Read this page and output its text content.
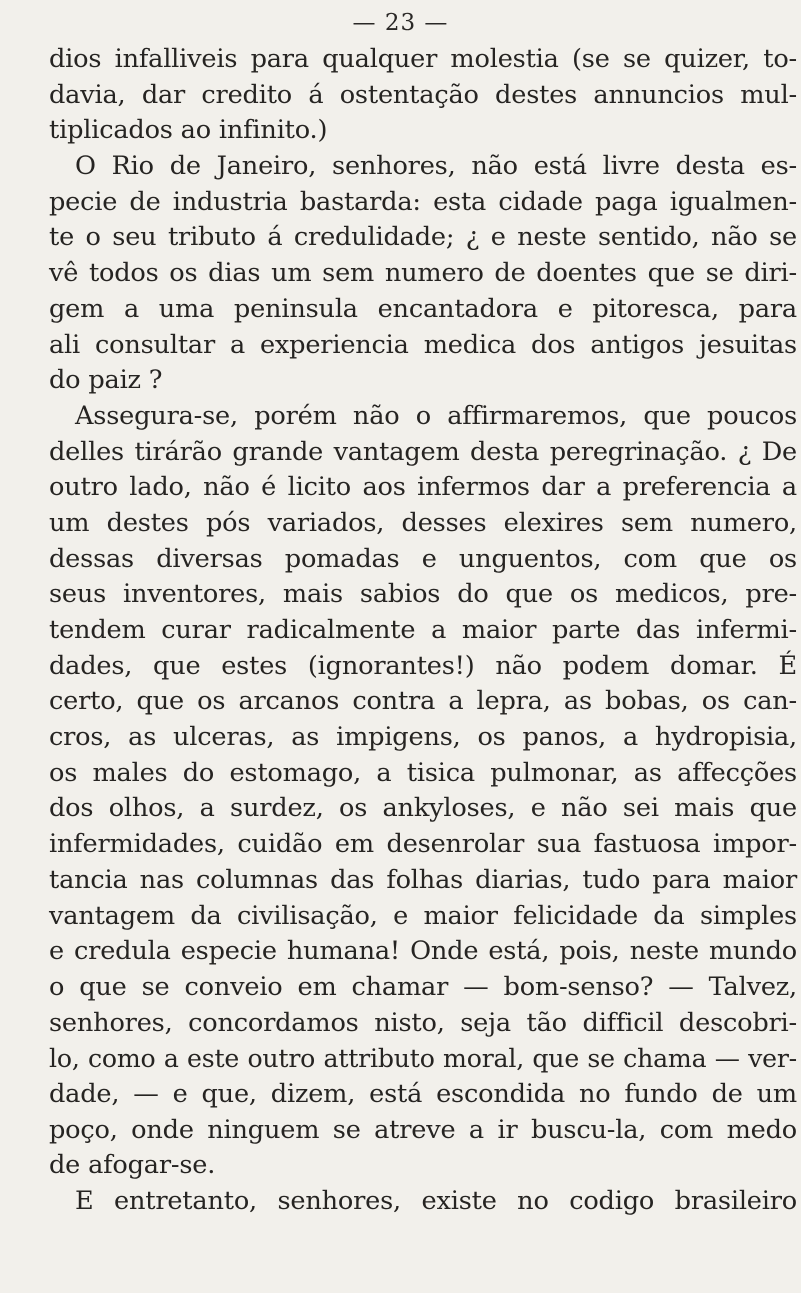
— 23 —
dios infalliveis para qualquer molestia (se se quizer, to-
davia, dar credito á ostentação destes annuncios mul-
tiplicados ao infinito.)
O Rio de Janeiro, senhores, não está livre desta es-
pecie de industria bastarda: esta cidade paga igualmen-
te o seu tributo á credulidade; ¿ e neste sentido, não se
vê todos os dias um sem numero de doentes que se diri-
gem a uma peninsula encantadora e pitoresca, para
ali consultar a experiencia medica dos antigos jesuitas
do paiz ?
Assegura-se, porém não o affirmaremos, que poucos
delles tirárão grande vantagem desta peregrinação. ¿ De
outro lado, não é licito aos infermos dar a preferencia a
um destes pós variados, desses elexires sem numero,
dessas diversas pomadas e unguentos, com que os
seus inventores, mais sabios do que os medicos, pre-
tendem curar radicalmente a maior parte das infermi-
dades, que estes (ignorantes!) não podem domar. É
certo, que os arcanos contra a lepra, as bobas, os can-
cros, as ulceras, as impigens, os panos, a hydropisia,
os males do estomago, a tisica pulmonar, as affecções
dos olhos, a surdez, os ankyloses, e não sei mais que
infermidades, cuidão em desenrolar sua fastuosa impor-
tancia nas columnas das folhas diarias, tudo para maior
vantagem da civilisação, e maior felicidade da simples
e credula especie humana! Onde está, pois, neste mundo
o que se conveio em chamar — bom-senso? — Talvez,
senhores, concordamos nisto, seja tão difficil descobri-
lo, como a este outro attributo moral, que se chama — ver-
dade, — e que, dizem, está escondida no fundo de um
poço, onde ninguem se atreve a ir buscu-la, com medo
de afogar-se.
E entretanto, senhores, existe no codigo brasileiro
